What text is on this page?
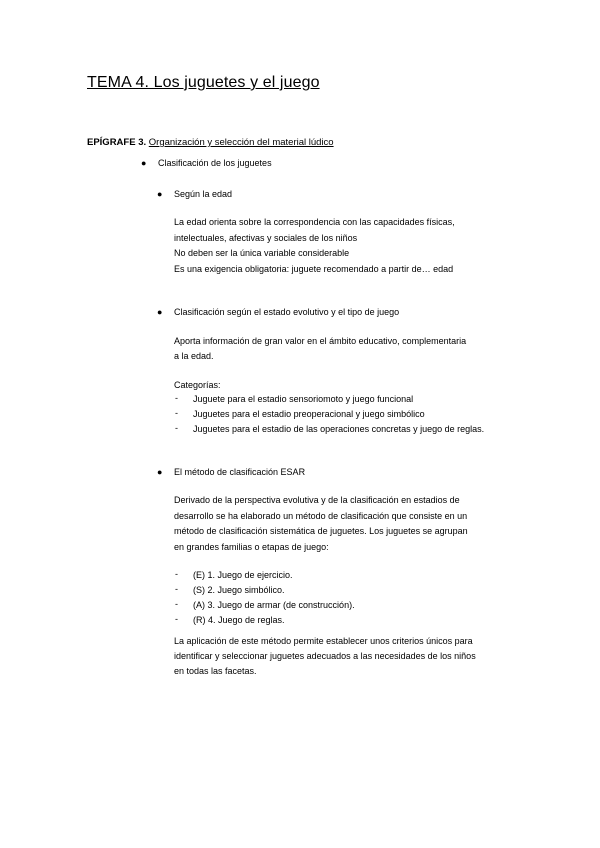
TEMA 4. Los juguetes y el juego
EPÍGRAFE 3. Organización y selección del material lúdico
● Clasificación de los juguetes
● Según la edad
La edad orienta sobre la correspondencia con las capacidades físicas,
intelectuales, afectivas y sociales de los niños
No deben ser la única variable considerable
Es una exigencia obligatoria: juguete recomendado a partir de… edad
● Clasificación según el estado evolutivo y el tipo de juego
Aporta información de gran valor en el ámbito educativo, complementaria
a la edad.
Categorías:
- Juguete para el estadio sensoriomoto y juego funcional
- Juguetes para el estadio preoperacional y juego simbólico
- Juguetes para el estadio de las operaciones concretas y juego de reglas.
● El método de clasificación ESAR
Derivado de la perspectiva evolutiva y de la clasificación en estadios de
desarrollo se ha elaborado un método de clasificación que consiste en un
método de clasificación sistemática de juguetes. Los juguetes se agrupan
en grandes familias o etapas de juego:
- (E) 1. Juego de ejercicio.
- (S) 2. Juego simbólico.
- (A) 3. Juego de armar (de construcción).
- (R) 4. Juego de reglas.
La aplicación de este método permite establecer unos criterios únicos para
identificar y seleccionar juguetes adecuados a las necesidades de los niños
en todas las facetas.
